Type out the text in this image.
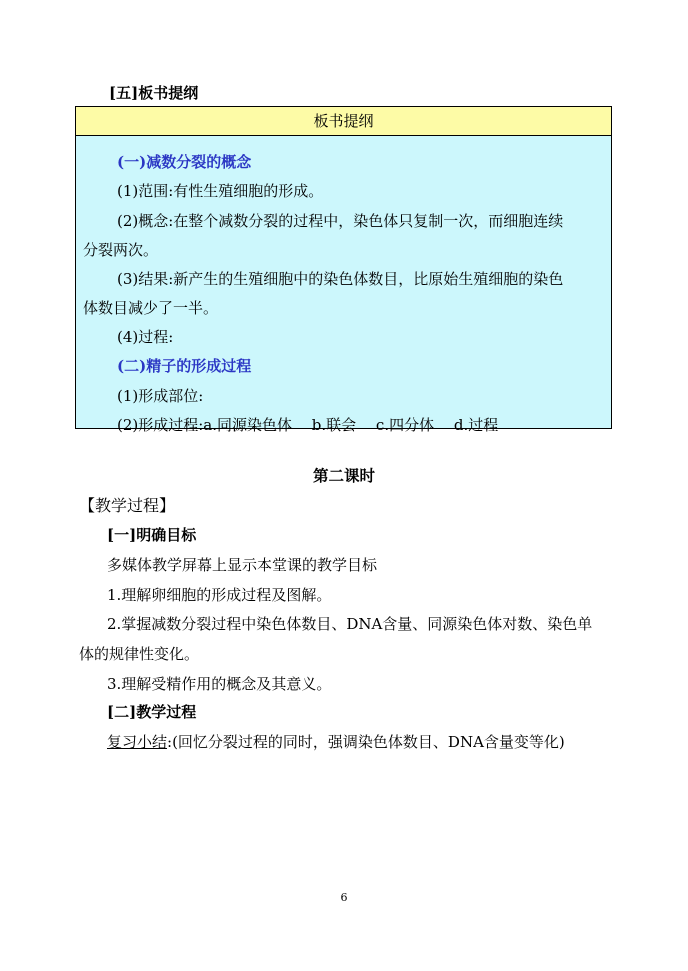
[五]板书提纲
板书提纲
(一)减数分裂的概念
(1)范围:有性生殖细胞的形成。
(2)概念:在整个减数分裂的过程中，染色体只复制一次，而细胞连续
分裂两次。
(3)结果:新产生的生殖细胞中的染色体数目，比原始生殖细胞的染色
体数目减少了一半。
(4)过程:
(二)精子的形成过程
(1)形成部位:
(2)形成过程:a.同源染色体　 b.联会　 c.四分体　 d.过程
第二课时
【教学过程】
[一]明确目标
多媒体教学屏幕上显示本堂课的教学目标
1.理解卵细胞的形成过程及图解。
2.掌握减数分裂过程中染色体数目、DNA含量、同源染色体对数、染色单
体的规律性变化。
3.理解受精作用的概念及其意义。
[二]教学过程
复习小结:(回忆分裂过程的同时，强调染色体数目、DNA含量变等化)
6
